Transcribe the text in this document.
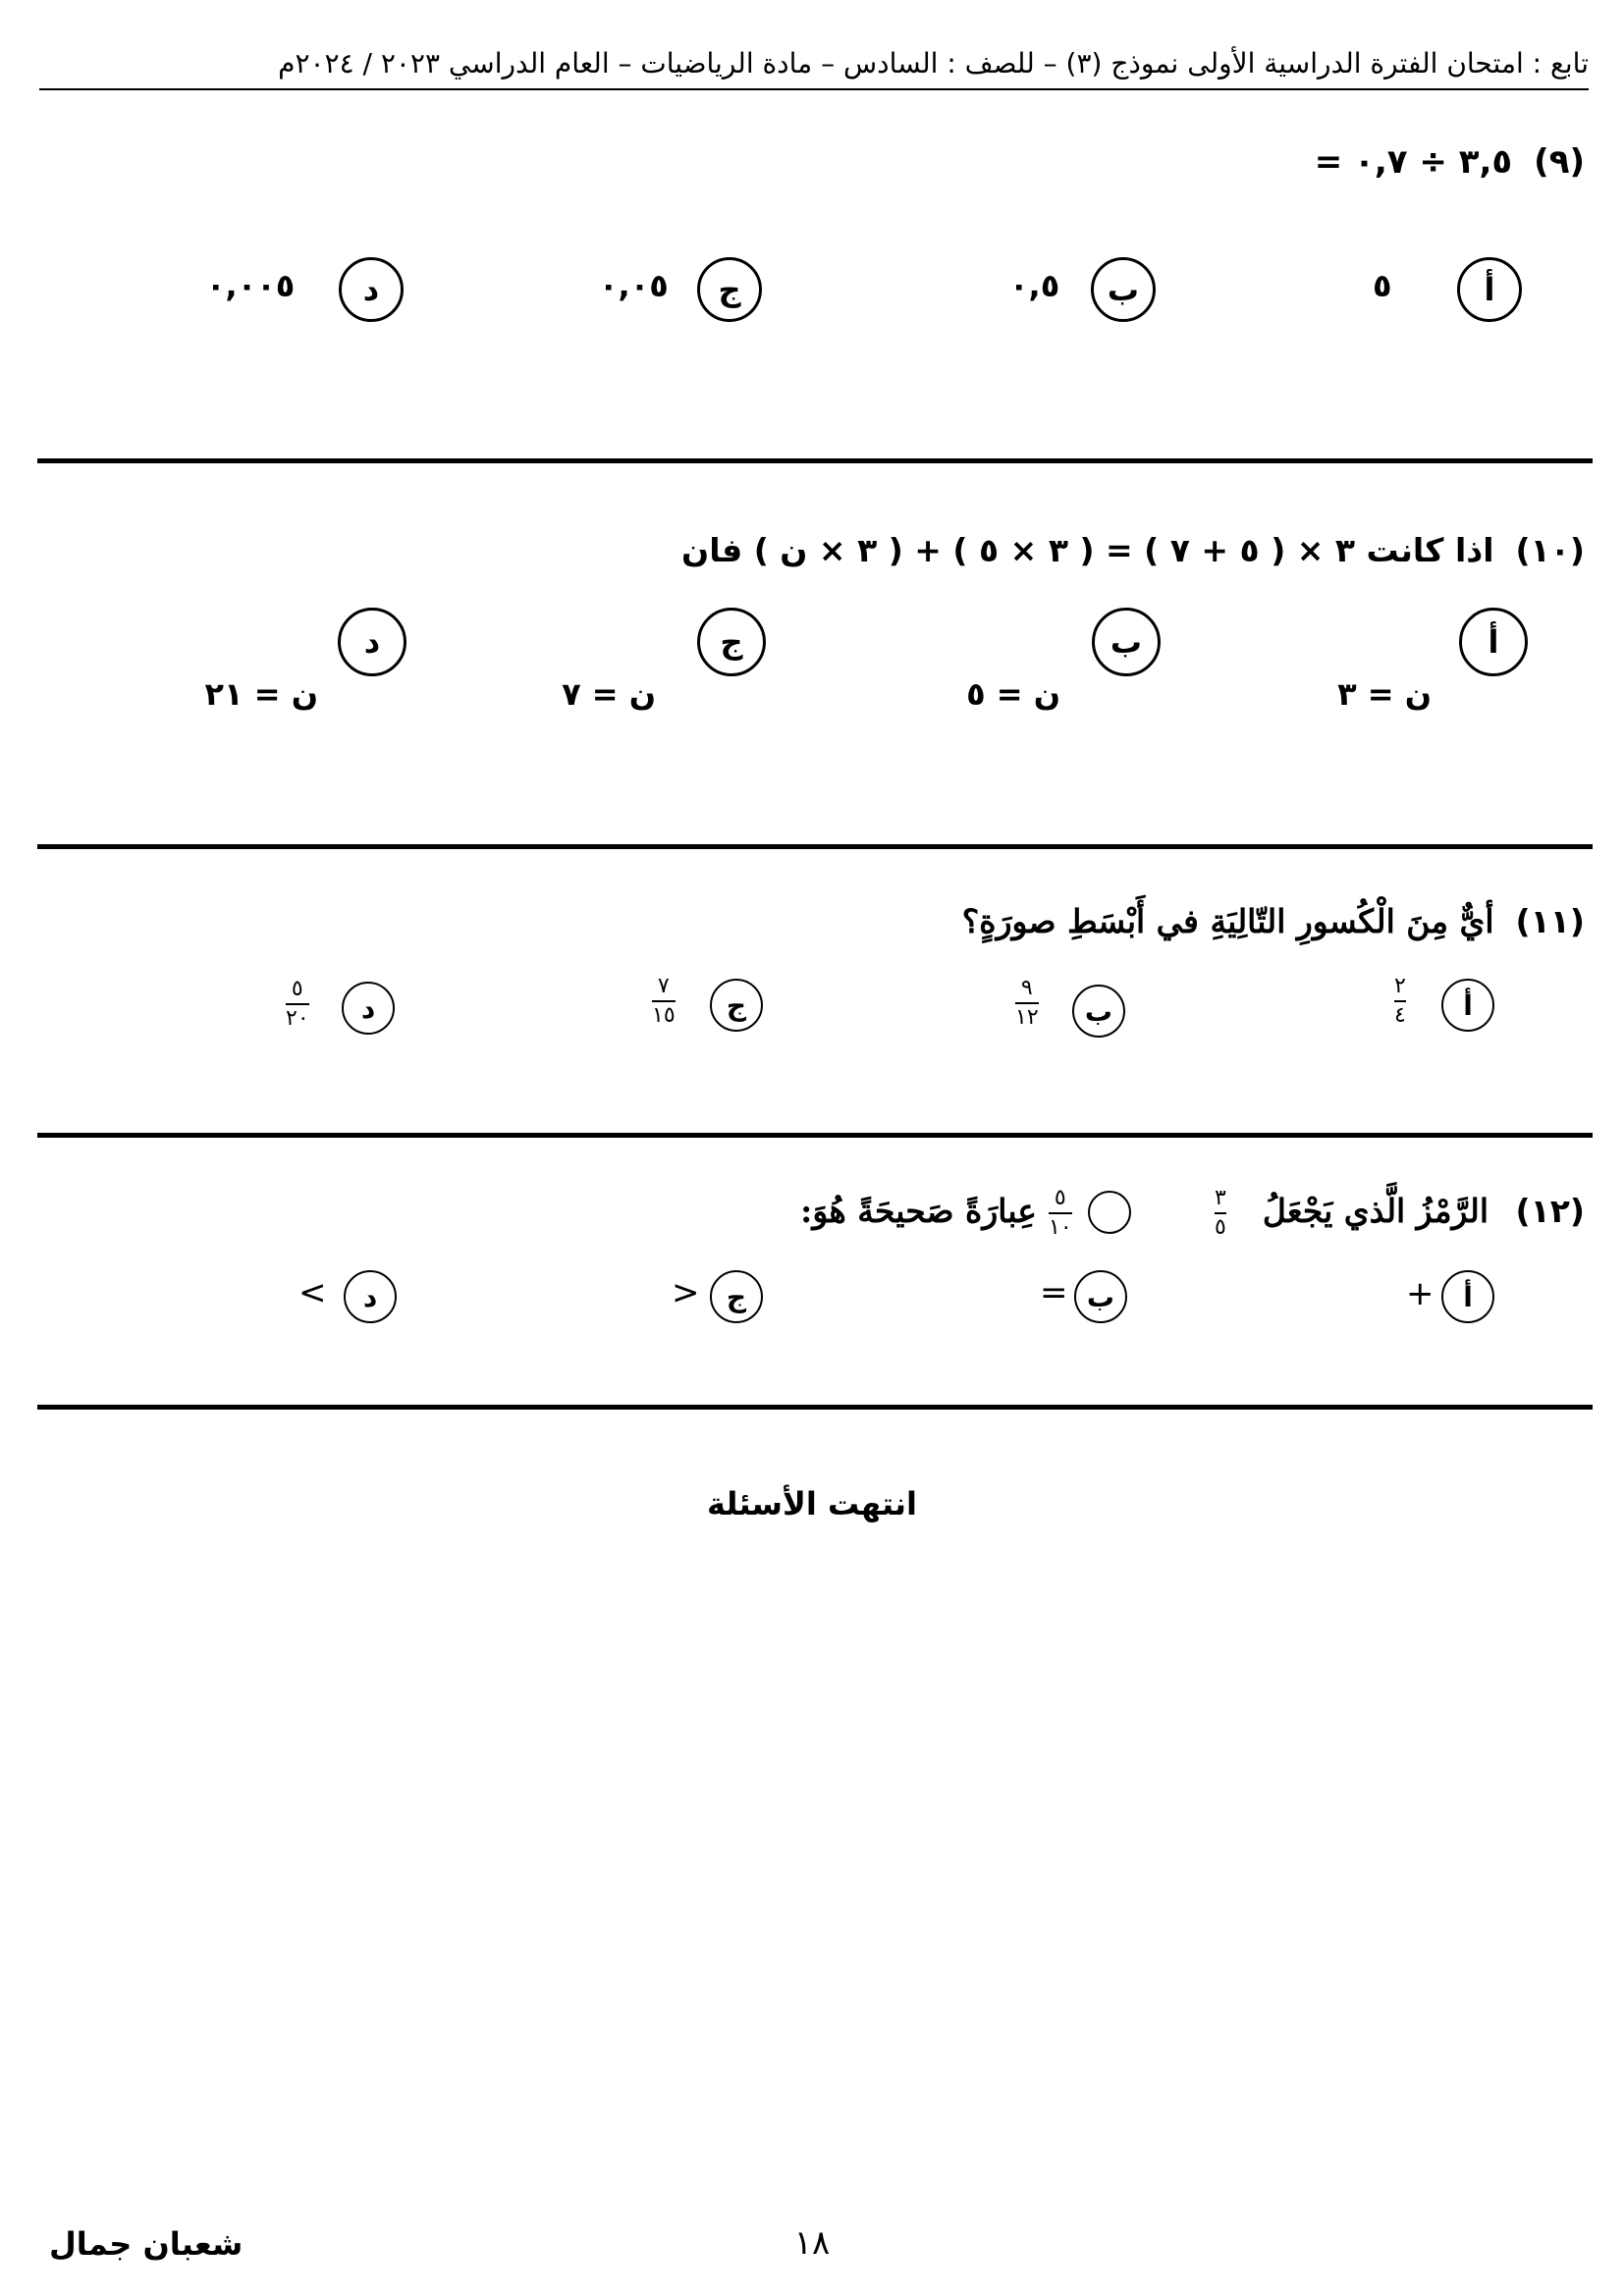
تابع : امتحان الفترة الدراسية الأولى نموذج (٣) – للصف : السادس – مادة الرياضيات – العام الدراسي ٢٠٢٣ / ٢٠٢٤م
(٩)٣,٥ ÷ ٠,٧ =
أ
٥
ب
٠,٥
ج
٠,٠٥
د
٠,٠٠٥
(١٠)اذا كانت ٣ × ( ٥ + ٧ ) = ( ٣ × ٥ ) + ( ٣ × ن ) فان
أ
ن = ٣
ب
ن = ٥
ج
ن = ٧
د
ن = ٢١
(١١)أيٌّ مِنَ الْكُسورِ التّالِيَةِ في أَبْسَطِ صورَةٍ؟
أ
٢
٤
ب
٩
١٢
ج
٧
١٥
د
٥
٢٠
(١٢)
الرَّمْزُ الَّذي يَجْعَلُ
٣
٥
٥
١٠
عِبارَةً صَحيحَةً هُوَ:
أ
+
ب
=
ج
>
د
<
انتهت الأسئلة
شعبان جمال	١٨
